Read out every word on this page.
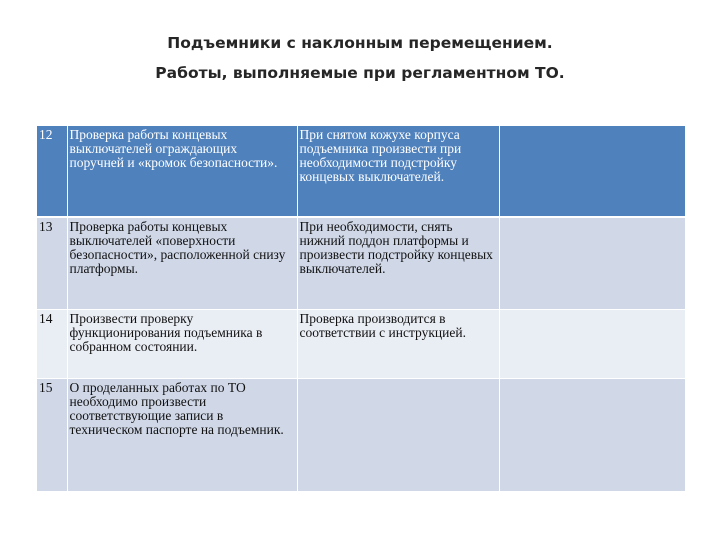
Подъемники с наклонным перемещением.
Работы, выполняемые при регламентном ТО.
12	Проверка работы концевых выключателей ограждающих поручней и «кромок безопасности».	При снятом кожухе корпуса подъемника произвести при необходимости подстройку концевых выключателей.	
13	Проверка работы концевых выключателей «поверхности безопасности», расположенной снизу платформы.	При необходимости, снять нижний поддон платформы и произвести подстройку концевых выключателей.	
14	Произвести проверку функционирования подъемника в собранном состоянии.	Проверка производится в соответствии с инструкцией.	
15	О проделанных работах по ТО необходимо произвести соответствующие записи в техническом паспорте на подъемник.		
